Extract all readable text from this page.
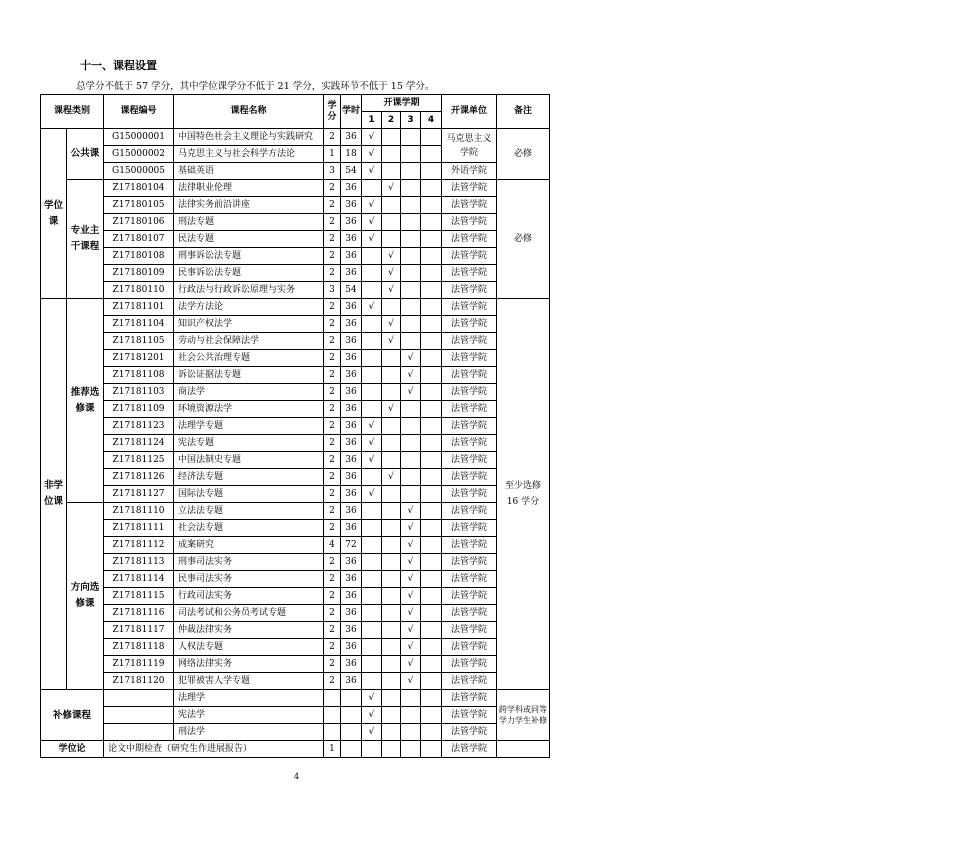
十一、课程设置
总学分不低于 57 学分，其中学位课学分不低于 21 学分，实践环节不低于 15 学分。
课程类别		课程编号	课程名称	学分	学时	开课学期				开课单位	备注
						1	2	3	4		
学位课	公共课	G15000001	中国特色社会主义理论与实践研究	2	36	√				马克思主义学院	必修
		G15000002	马克思主义与社会科学方法论	1	18	√					
		G15000005	基础英语	3	54	√				外语学院	
	专业主干课程	Z17180104	法律职业伦理	2	36		√			法管学院	必修
		Z17180105	法律实务前沿讲座	2	36	√				法管学院	
		Z17180106	刑法专题	2	36	√				法管学院	
		Z17180107	民法专题	2	36	√				法管学院	
		Z17180108	刑事诉讼法专题	2	36		√			法管学院	
		Z17180109	民事诉讼法专题	2	36		√			法管学院	
		Z17180110	行政法与行政诉讼原理与实务	3	54		√			法管学院	
非学位课	推荐选修课	Z17181101	法学方法论	2	36	√				法管学院	至少选修 16 学分
		Z17181104	知识产权法学	2	36		√			法管学院	
		Z17181105	劳动与社会保障法学	2	36		√			法管学院	
		Z17181201	社会公共治理专题	2	36			√		法管学院	
		Z17181108	诉讼证据法专题	2	36			√		法管学院	
		Z17181103	商法学	2	36			√		法管学院	
		Z17181109	环境资源法学	2	36		√			法管学院	
		Z17181123	法理学专题	2	36	√				法管学院	
		Z17181124	宪法专题	2	36	√				法管学院	
		Z17181125	中国法制史专题	2	36	√				法管学院	
		Z17181126	经济法专题	2	36		√			法管学院	
		Z17181127	国际法专题	2	36	√				法管学院	
	方向选修课	Z17181110	立法法专题	2	36			√		法管学院	
		Z17181111	社会法专题	2	36			√		法管学院	
		Z17181112	成案研究	4	72			√		法管学院	
		Z17181113	刑事司法实务	2	36			√		法管学院	
		Z17181114	民事司法实务	2	36			√		法管学院	
		Z17181115	行政司法实务	2	36			√		法管学院	
		Z17181116	司法考试和公务员考试专题	2	36			√		法管学院	
		Z17181117	仲裁法律实务	2	36			√		法管学院	
		Z17181118	人权法专题	2	36			√		法管学院	
		Z17181119	网络法律实务	2	36			√		法管学院	
		Z17181120	犯罪被害人学专题	2	36			√		法管学院	
补修课程			法理学			√				法管学院	跨学科或同等学力学生补修
			宪法学			√				法管学院	
			刑法学			√				法管学院	
学位论		论文中期检查（研究生作进展报告）		1						法管学院	
4
